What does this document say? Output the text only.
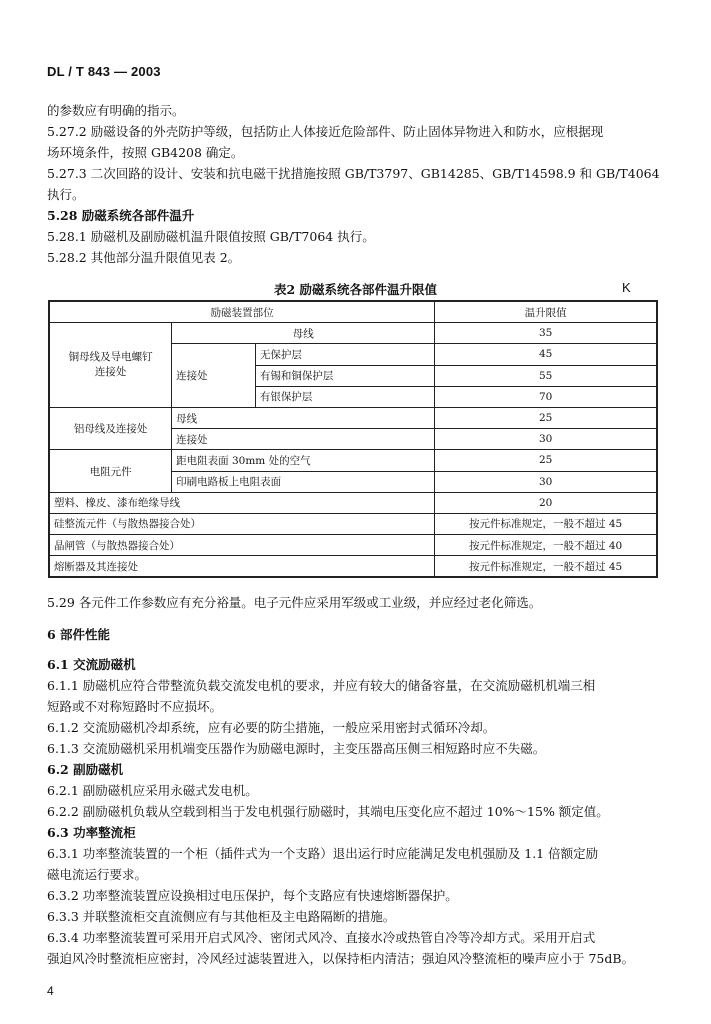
DL / T 843 — 2003
的参数应有明确的指示。
5.27.2 励磁设备的外壳防护等级，包括防止人体接近危险部件、防止固体异物进入和防水，应根据现
场环境条件，按照 GB4208 确定。
5.27.3 二次回路的设计、安装和抗电磁干扰措施按照 GB/T3797、GB14285、GB/T14598.9 和 GB/T4064
执行。
5.28 励磁系统各部件温升
5.28.1 励磁机及副励磁机温升限值按照 GB/T7064 执行。
5.28.2 其他部分温升限值见表 2。
表2 励磁系统各部件温升限值	K
励磁装置部位			温升限值
铜母线及导电螺钉连接处	母线		35
	连接处	无保护层	45
		有锡和铜保护层	55
		有银保护层	70
铝母线及连接处	母线		25
	连接处		30
电阻元件	距电阻表面 30mm 处的空气		25
	印刷电路板上电阻表面		30
塑料、橡皮、漆布绝缘导线			20
硅整流元件（与散热器接合处）			按元件标准规定，一般不超过 45
晶闸管（与散热器接合处）			按元件标准规定，一般不超过 40
熔断器及其连接处			按元件标准规定，一般不超过 45
5.29 各元件工作参数应有充分裕量。电子元件应采用军级或工业级，并应经过老化筛选。
6 部件性能
6.1 交流励磁机
6.1.1 励磁机应符合带整流负载交流发电机的要求，并应有较大的储备容量，在交流励磁机机端三相
短路或不对称短路时不应损坏。
6.1.2 交流励磁机冷却系统，应有必要的防尘措施，一般应采用密封式循环冷却。
6.1.3 交流励磁机采用机端变压器作为励磁电源时，主变压器高压侧三相短路时应不失磁。
6.2 副励磁机
6.2.1 副励磁机应采用永磁式发电机。
6.2.2 副励磁机负载从空载到相当于发电机强行励磁时，其端电压变化应不超过 10%～15% 额定值。
6.3 功率整流柜
6.3.1 功率整流装置的一个柜（插件式为一个支路）退出运行时应能满足发电机强励及 1.1 倍额定励
磁电流运行要求。
6.3.2 功率整流装置应设换相过电压保护，每个支路应有快速熔断器保护。
6.3.3 并联整流柜交直流侧应有与其他柜及主电路隔断的措施。
6.3.4 功率整流装置可采用开启式风冷、密闭式风冷、直接水冷或热管自冷等冷却方式。采用开启式
强迫风冷时整流柜应密封，冷风经过滤装置进入，以保持柜内清洁；强迫风冷整流柜的噪声应小于 75dB。
4
